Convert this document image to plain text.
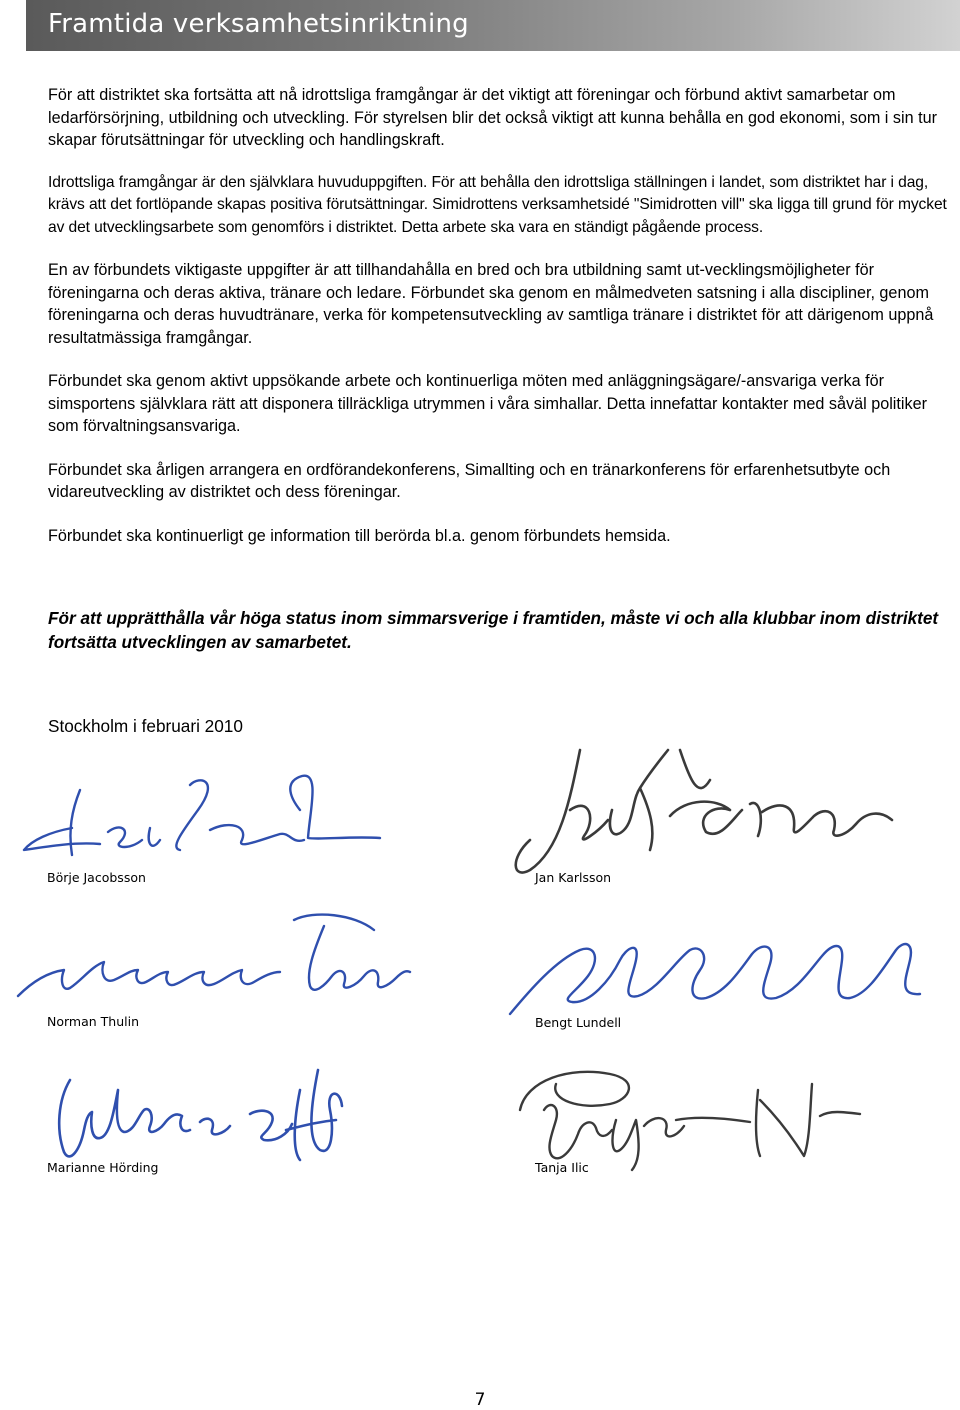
Framtida verksamhetsinriktning

För att distriktet ska fortsätta att nå idrottsliga framgångar är det viktigt att föreningar och förbund aktivt samarbetar om ledarförsörjning, utbildning och utveckling. För styrelsen blir det också viktigt att kunna behålla en god ekonomi, som i sin tur skapar förutsättningar för utveckling och handlingskraft.

Idrottsliga framgångar är den självklara huvuduppgiften. För att behålla den idrottsliga ställningen i landet, som distriktet har i dag, krävs att det fortlöpande skapas positiva förutsättningar. Simidrottens verksamhetsidé "Simidrotten vill" ska ligga till grund för mycket av det utvecklingsarbete som genomförs i distriktet. Detta arbete ska vara en ständigt pågående process.

En av förbundets viktigaste uppgifter är att tillhandahålla en bred och bra utbildning samt ut-vecklingsmöjligheter för föreningarna och deras aktiva, tränare och ledare. Förbundet ska genom en målmedveten satsning i alla discipliner, genom föreningarna och deras huvudtränare, verka för kompetensutveckling av samtliga tränare i distriktet för att därigenom uppnå resultatmässiga framgångar.

Förbundet ska genom aktivt uppsökande arbete och kontinuerliga möten med anläggningsägare/-ansvariga verka för simsportens självklara rätt att disponera tillräckliga utrymmen i våra simhallar. Detta innefattar kontakter med såväl politiker som förvaltningsansvariga.

Förbundet ska årligen arrangera en ordförandekonferens, Simallting och en tränarkonferens för erfarenhetsutbyte och vidareutveckling av distriktet och dess föreningar.

Förbundet ska kontinuerligt ge information till berörda bl.a. genom förbundets hemsida.

För att upprätthålla vår höga status inom simmarsverige i framtiden, måste vi och alla klubbar inom distriktet fortsätta utvecklingen av samarbetet.
Stockholm i februari 2010
Börje Jacobsson	Jan Karlsson
Norman Thulin	Bengt Lundell
Marianne Hörding	Tanja Ilic
7
